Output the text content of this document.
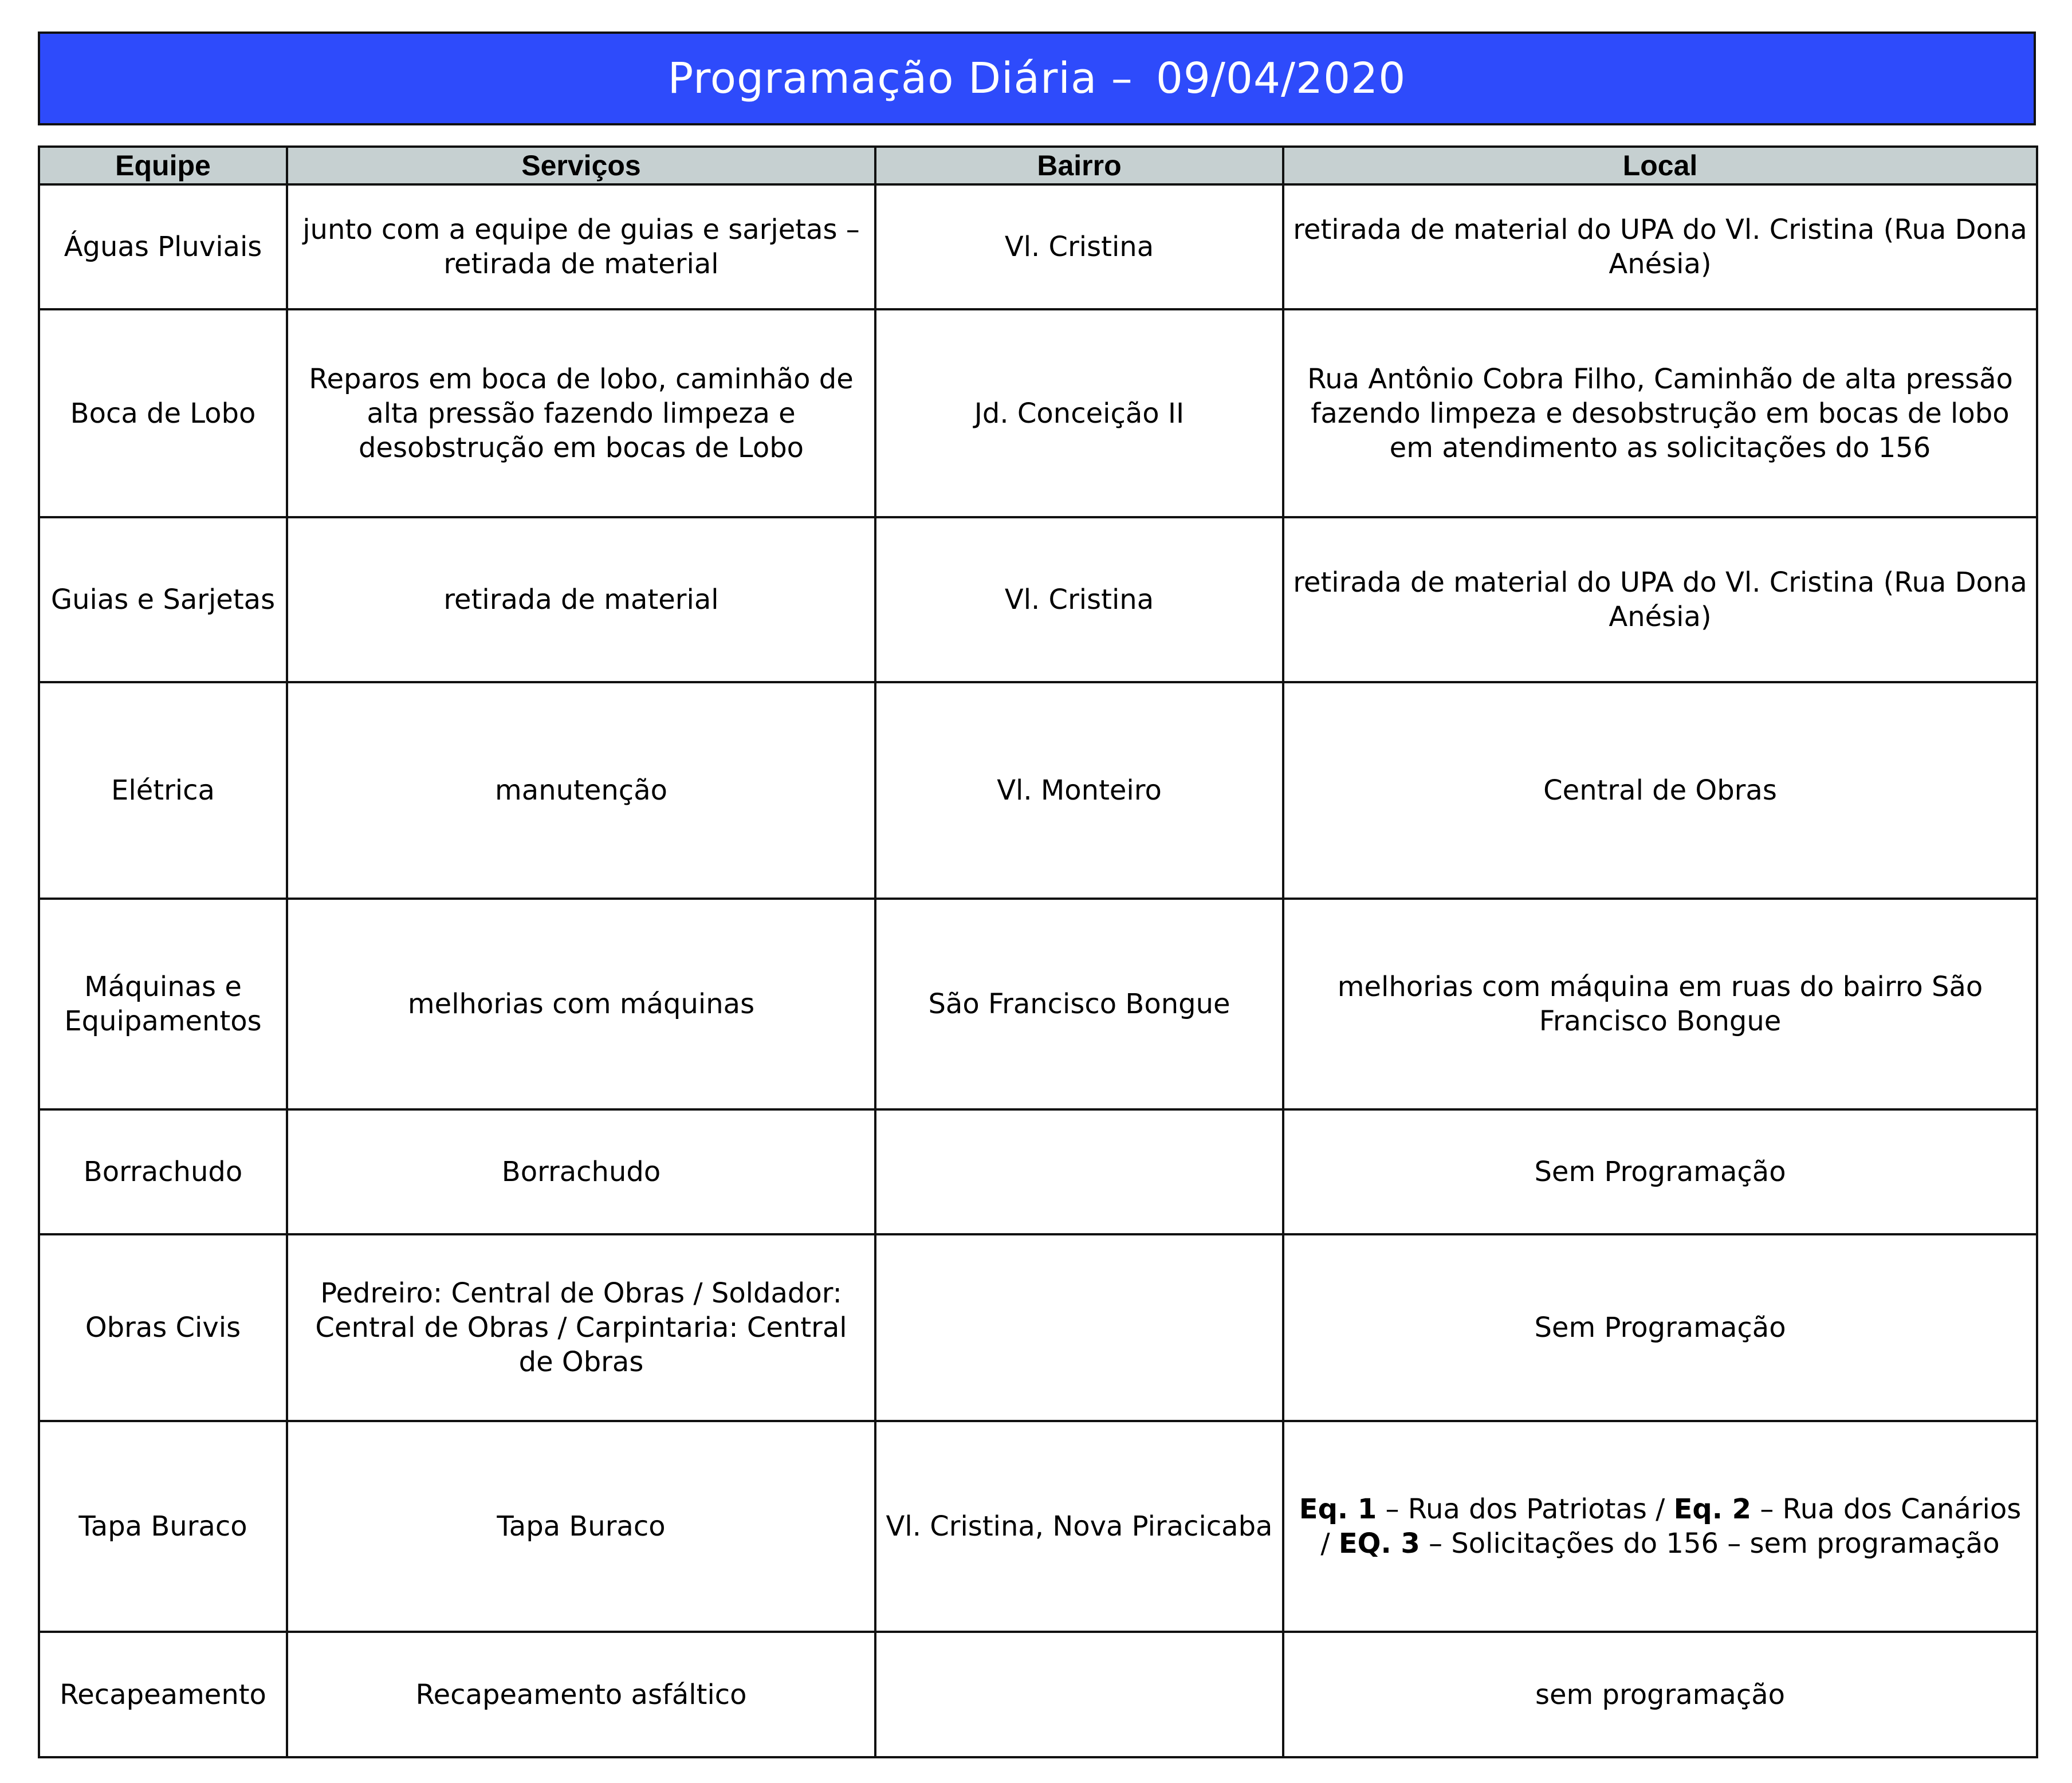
Programação Diária – 09/04/2020
Equipe	Serviços	Bairro	Local
Águas Pluviais	junto com a equipe de guias e sarjetas – retirada de material	Vl. Cristina	retirada de material do UPA do Vl. Cristina (Rua Dona Anésia)
Boca de Lobo	Reparos em boca de lobo, caminhão de alta pressão fazendo limpeza e desobstrução em bocas de Lobo	Jd. Conceição II	Rua Antônio Cobra Filho, Caminhão de alta pressão fazendo limpeza e desobstrução em bocas de lobo em atendimento as solicitações do 156
Guias e Sarjetas	retirada de material	Vl. Cristina	retirada de material do UPA do Vl. Cristina (Rua Dona Anésia)
Elétrica	manutenção	Vl. Monteiro	Central de Obras
Máquinas e Equipamentos	melhorias com máquinas	São Francisco Bongue	melhorias com máquina em ruas do bairro São Francisco Bongue
Borrachudo	Borrachudo		Sem Programação
Obras Civis	Pedreiro: Central de Obras / Soldador: Central de Obras / Carpintaria: Central de Obras		Sem Programação
Tapa Buraco	Tapa Buraco	Vl. Cristina, Nova Piracicaba	Eq. 1 – Rua dos Patriotas / Eq. 2 – Rua dos Canários / EQ. 3 – Solicitações do 156 – sem programação
Recapeamento	Recapeamento asfáltico		sem programação
